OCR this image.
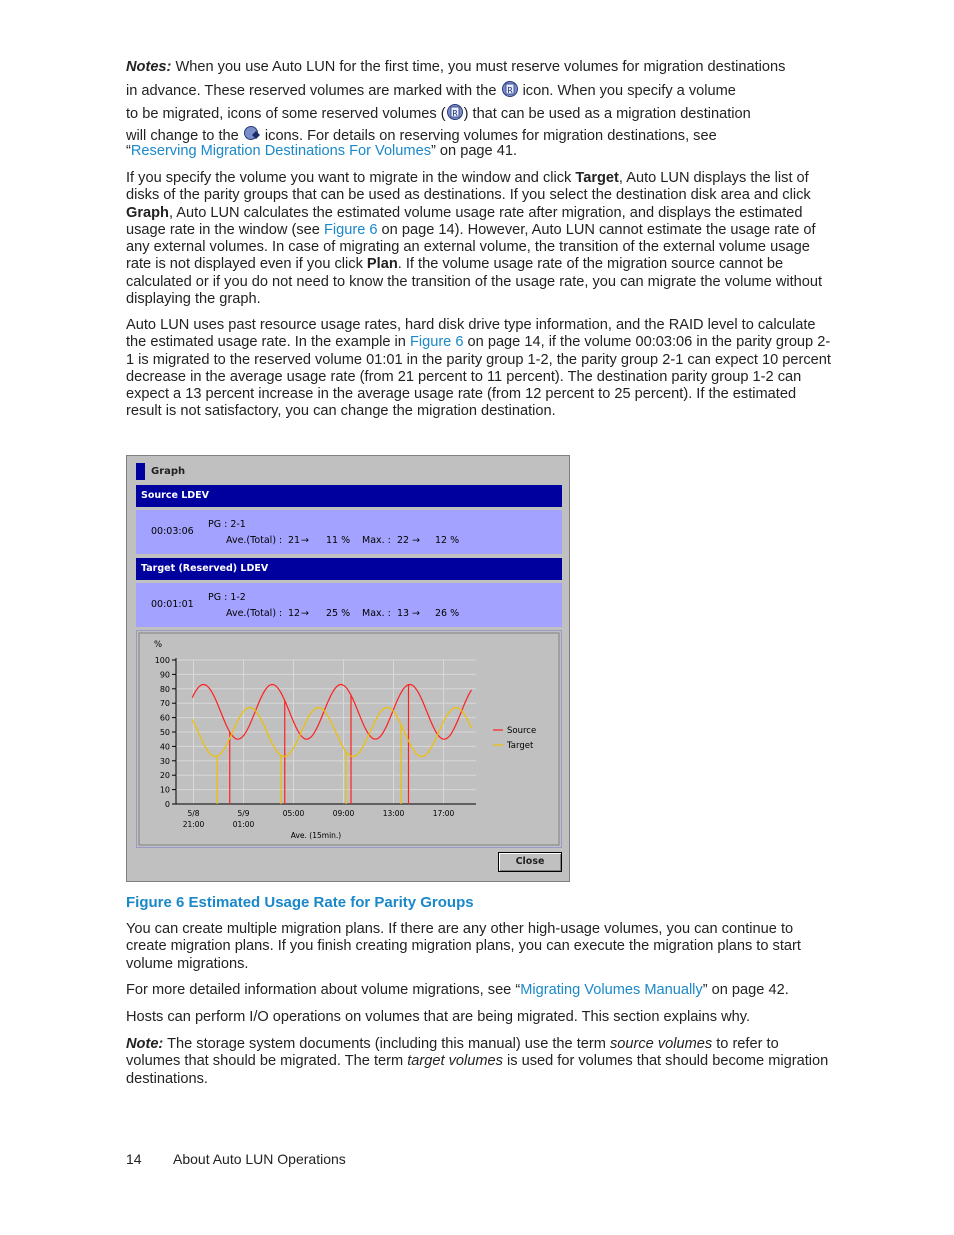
Notes: When you use Auto LUN for the first time, you must reserve volumes for migration destinations
in advance. These reserved volumes are marked with the R icon. When you specify a volume
to be migrated, icons of some reserved volumes ( R ) that can be used as a migration destination
will change to the icons. For details on reserving volumes for migration destinations, see
“Reserving Migration Destinations For Volumes” on page 41.

If you specify the volume you want to migrate in the window and click Target, Auto LUN displays the list of disks of the parity groups that can be used as destinations. If you select the destination disk area and click Graph, Auto LUN calculates the estimated volume usage rate after migration, and displays the estimated usage rate in the window (see Figure 6 on page 14). However, Auto LUN cannot estimate the usage rate of any external volumes. In case of migrating an external volume, the transition of the external volume usage rate is not displayed even if you click Plan. If the volume usage rate of the migration source cannot be calculated or if you do not need to know the transition of the usage rate, you can migrate the volume without displaying the graph.

Auto LUN uses past resource usage rates, hard disk drive type information, and the RAID level to calculate the estimated usage rate. In the example in Figure 6 on page 14, if the volume 00:03:06 in the parity group 2-1 is migrated to the reserved volume 01:01 in the parity group 1-2, the parity group 2-1 can expect 10 percent decrease in the average usage rate (from 21 percent to 11 percent). The destination parity group 1-2 can expect a 13 percent increase in the average usage rate (from 12 percent to 25 percent). If the estimated result is not satisfactory, you can change the migration destination.

Graph
Source LDEV
00:03:06
PG : 2-1
Ave.(Total) : 21 → 11 % Max. : 22 → 12 %
Target (Reserved) LDEV
00:01:01
PG : 1-2
Ave.(Total) : 12 → 25 % Max. : 13 → 26 %
%
100
90
80
70
60
50
40
30
20
10
0
5/8
21:00
5/9
01:00
05:00	09:00	13:00	17:00
Ave. (15min.)
Source
Target
Close
Figure 6 Estimated Usage Rate for Parity Groups

You can create multiple migration plans. If there are any other high-usage volumes, you can continue to create migration plans. If you finish creating migration plans, you can execute the migration plans to start volume migrations.

For more detailed information about volume migrations, see “Migrating Volumes Manually” on page 42.

Hosts can perform I/O operations on volumes that are being migrated. This section explains why.

Note: The storage system documents (including this manual) use the term source volumes to refer to volumes that should be migrated. The term target volumes is used for volumes that should become migration destinations.

14 About Auto LUN Operations
